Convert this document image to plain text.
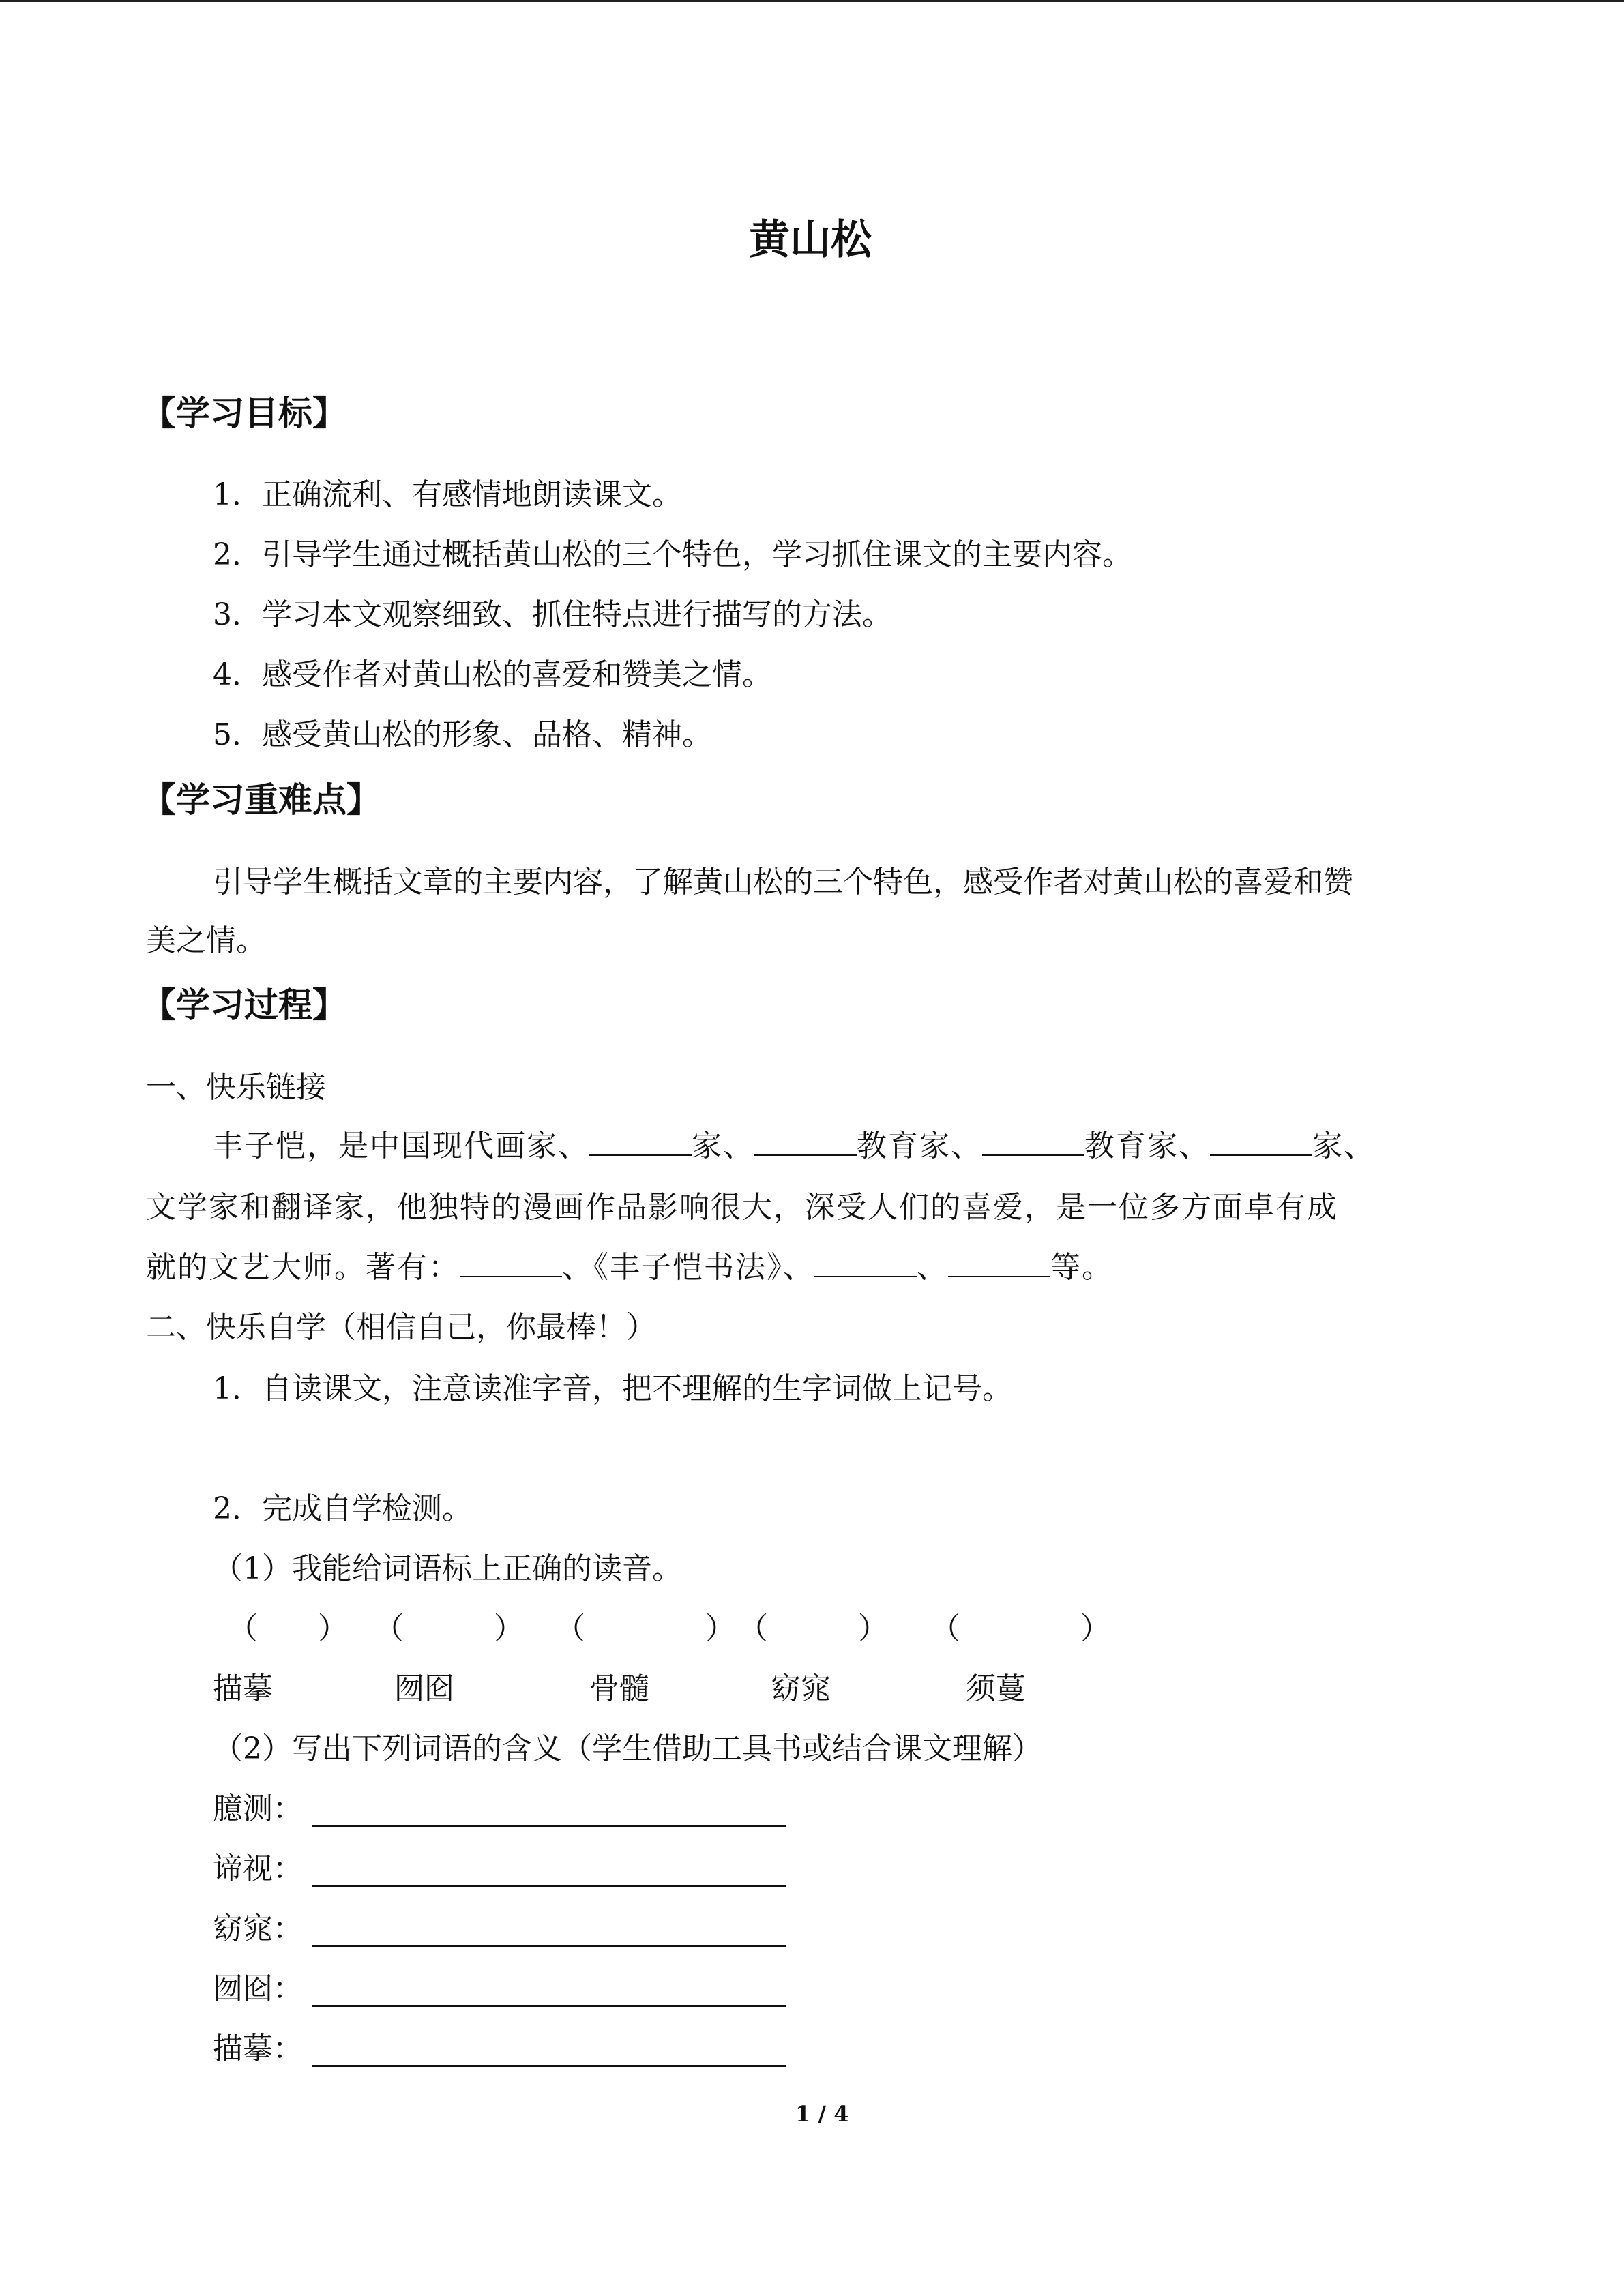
黄山松
【学习目标】
1．正确流利、有感情地朗读课文。
2．引导学生通过概括黄山松的三个特色，学习抓住课文的主要内容。
3．学习本文观察细致、抓住特点进行描写的方法。
4．感受作者对黄山松的喜爱和赞美之情。
5．感受黄山松的形象、品格、精神。
【学习重难点】
引导学生概括文章的主要内容，了解黄山松的三个特色，感受作者对黄山松的喜爱和赞
美之情。
【学习过程】
一、快乐链接
丰子恺，是中国现代画家、	家、	教育家、	教育家、	家、
文学家和翻译家，他独特的漫画作品影响很大，深受人们的喜爱，是一位多方面卓有成
就的文艺大师。著有：	、《丰子恺书法》、	、	等。
二、快乐自学（相信自己，你最棒！）
1．自读课文，注意读准字音，把不理解的生字词做上记号。
2．完成自学检测。
（1）我能给词语标上正确的读音。
（  ） （   ） （    ） （   ） （    ）
描摹	囫囵	骨髓	窈窕	须蔓
（2）写出下列词语的含义（学生借助工具书或结合课文理解）
臆测：
谛视：
窈窕：
囫囵：
描摹：
1 / 4
